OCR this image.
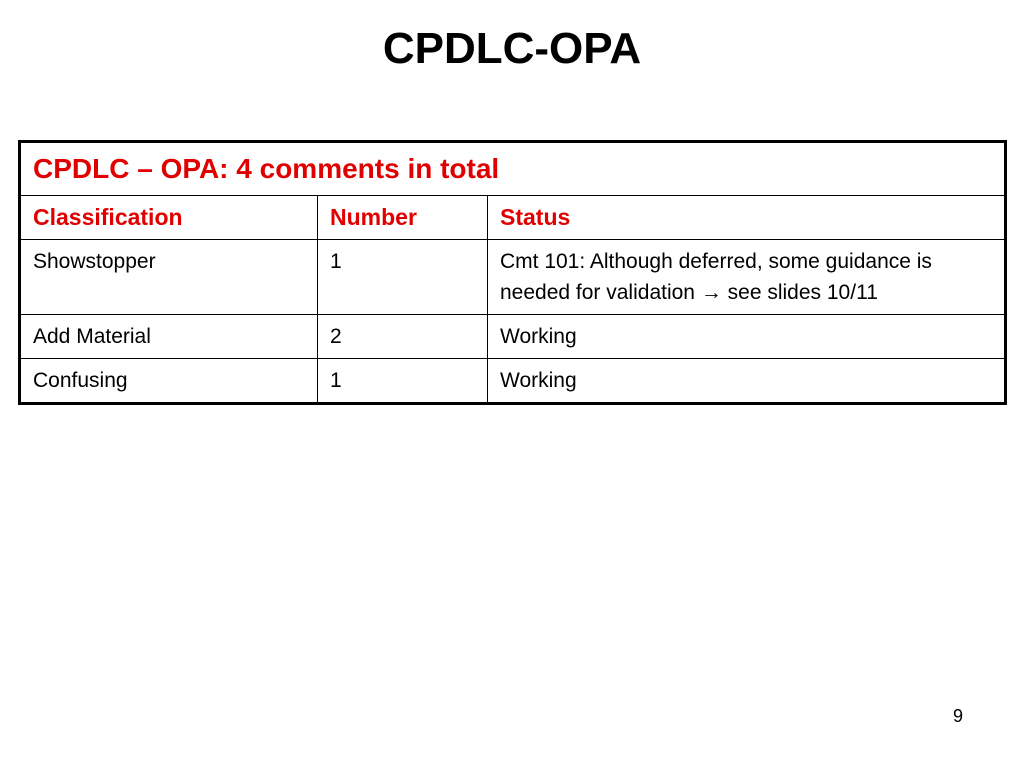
CPDLC-OPA
CPDLC – OPA: 4 comments in total		
Classification	Number	Status
Showstopper	1	Cmt 101: Although deferred, some guidance is needed for validation → see slides 10/11
Add Material	2	Working
Confusing	1	Working
9
